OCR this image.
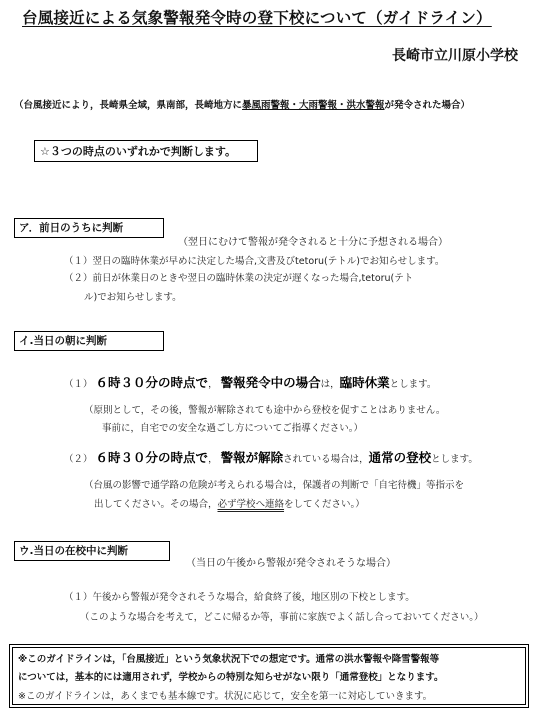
台風接近による気象警報発令時の登下校について（ガイドライン）
長崎市立川原小学校
（台風接近により，長崎県全域，県南部，長崎地方に暴風雨警報・大雨警報・洪水警報が発令された場合）
☆３つの時点のいずれかで判断します。
ア．前日のうちに判断
（翌日にむけて警報が発令されると十分に予想される場合）
（１）翌日の臨時休業が早めに決定した場合,文書及びtetoru(テトル)でお知らせします。
（２）前日が休業日のときや翌日の臨時休業の決定が遅くなった場合,tetoru(テト
ル)でお知らせします。
イ.当日の朝に判断
（１） ６時３０分の時点で， 警報発令中の場合は，臨時休業とします。
（原則として，その後，警報が解除されても途中から登校を促すことはありません。
事前に，自宅での安全な過ごし方についてご指導ください。）
（２） ６時３０分の時点で， 警報が解除されている場合は，通常の登校とします。
（台風の影響で通学路の危険が考えられる場合は，保護者の判断で「自宅待機」等指示を
出してください。その場合，必ず学校へ連絡をしてください。）
ウ.当日の在校中に判断
（当日の午後から警報が発令されそうな場合）
（１）午後から警報が発令されそうな場合，給食終了後，地区別の下校とします。
（このような場合を考えて，どこに帰るか等，事前に家族でよく話し合っておいてください。）
※このガイドラインは，「台風接近」という気象状況下での想定です。通常の洪水警報や降雪警報等
については，基本的には適用されず，学校からの特別な知らせがない限り「通常登校」となります。
※このガイドラインは，あくまでも基本線です。状況に応じて，安全を第一に対応していきます。
